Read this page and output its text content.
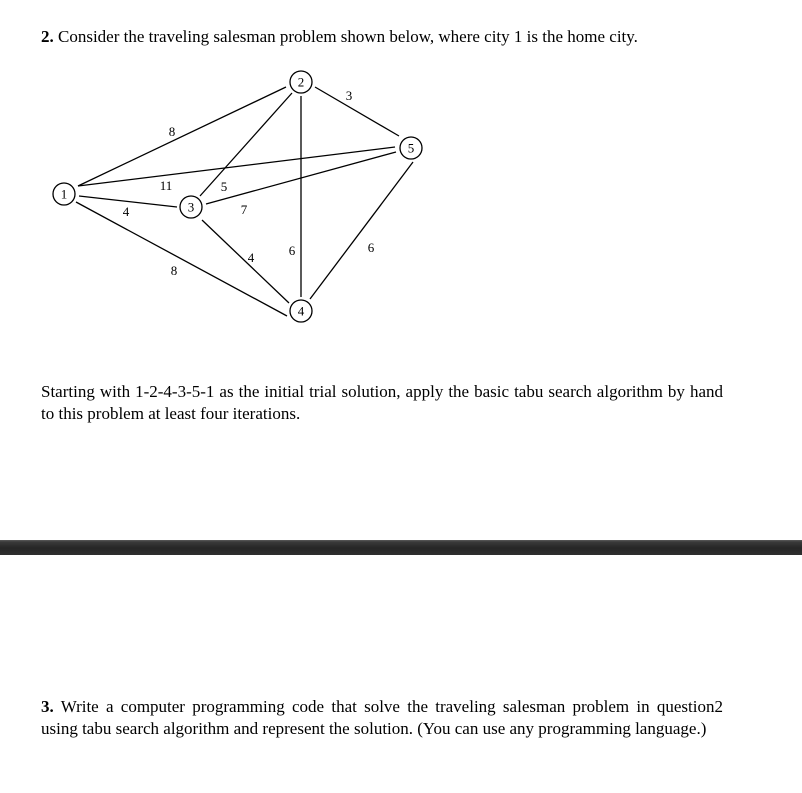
2. Consider the traveling salesman problem shown below, where city 1 is the home city.
1
2
3
4
5
8
11
4
8
5
6
3
7
4
6
Starting with 1-2-4-3-5-1 as the initial trial solution, apply the basic tabu search algorithm by hand to this problem at least four iterations.
3. Write a computer programming code that solve the traveling salesman problem in question2 using tabu search algorithm and represent the solution. (You can use any programming language.)
